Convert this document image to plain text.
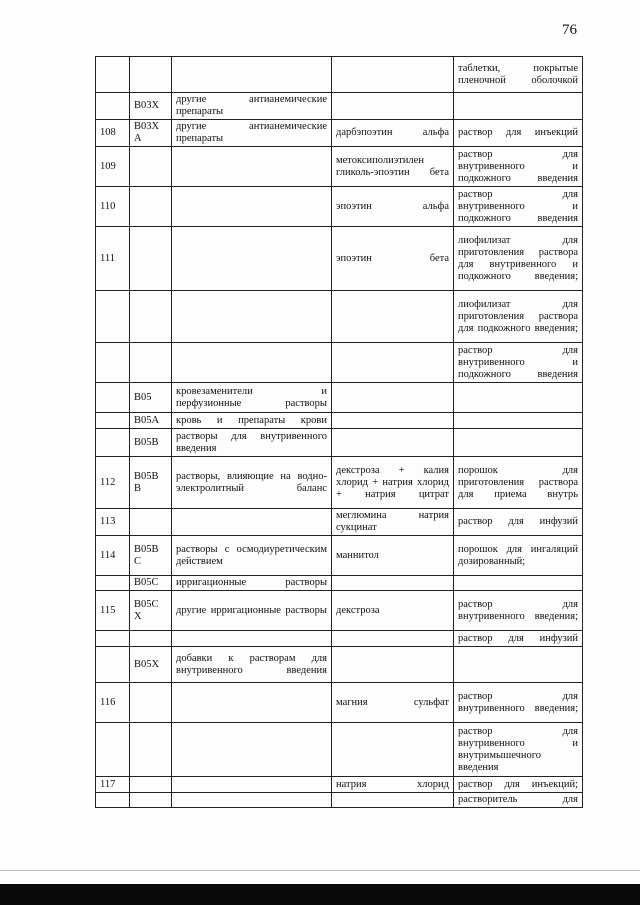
76
				таблетки, покрытые пленочной оболочкой
	B03X	другие антианемические препараты		
108	B03X A	другие антианемические препараты	дарбэпоэтин альфа	раствор для инъекций
109			метоксиполиэтилен гликоль-эпоэтин бета	раствор для внутривенного и подкожного введения
110			эпоэтин альфа	раствор для внутривенного и подкожного введения
111			эпоэтин бета	лиофилизат для приготовления раствора для внутривенного и подкожного введения;
				лиофилизат для приготовления раствора для подкожного введения;
				раствор для внутривенного и подкожного введения
	B05	кровезаменители и перфузионные растворы		
	B05A	кровь и препараты крови		
	B05B	растворы для внутривенного введения		
112	B05B B	растворы, влияющие на водно-электролитный баланс	декстроза + калия хлорид + натрия хлорид + натрия цитрат	порошок для приготовления раствора для приема внутрь
113			меглюмина натрия сукцинат	раствор для инфузий
114	B05B C	растворы с осмодиуретическим действием	маннитол	порошок для ингаляций дозированный;
	B05C	ирригационные растворы		
115	B05C X	другие ирригационные растворы	декстроза	раствор для внутривенного введения;
				раствор для инфузий
	B05X	добавки к растворам для внутривенного введения		
116			магния сульфат	раствор для внутривенного введения;
				раствор для внутривенного и внутримышечного введения
117			натрия хлорид	раствор для инъекций;
				растворитель для
